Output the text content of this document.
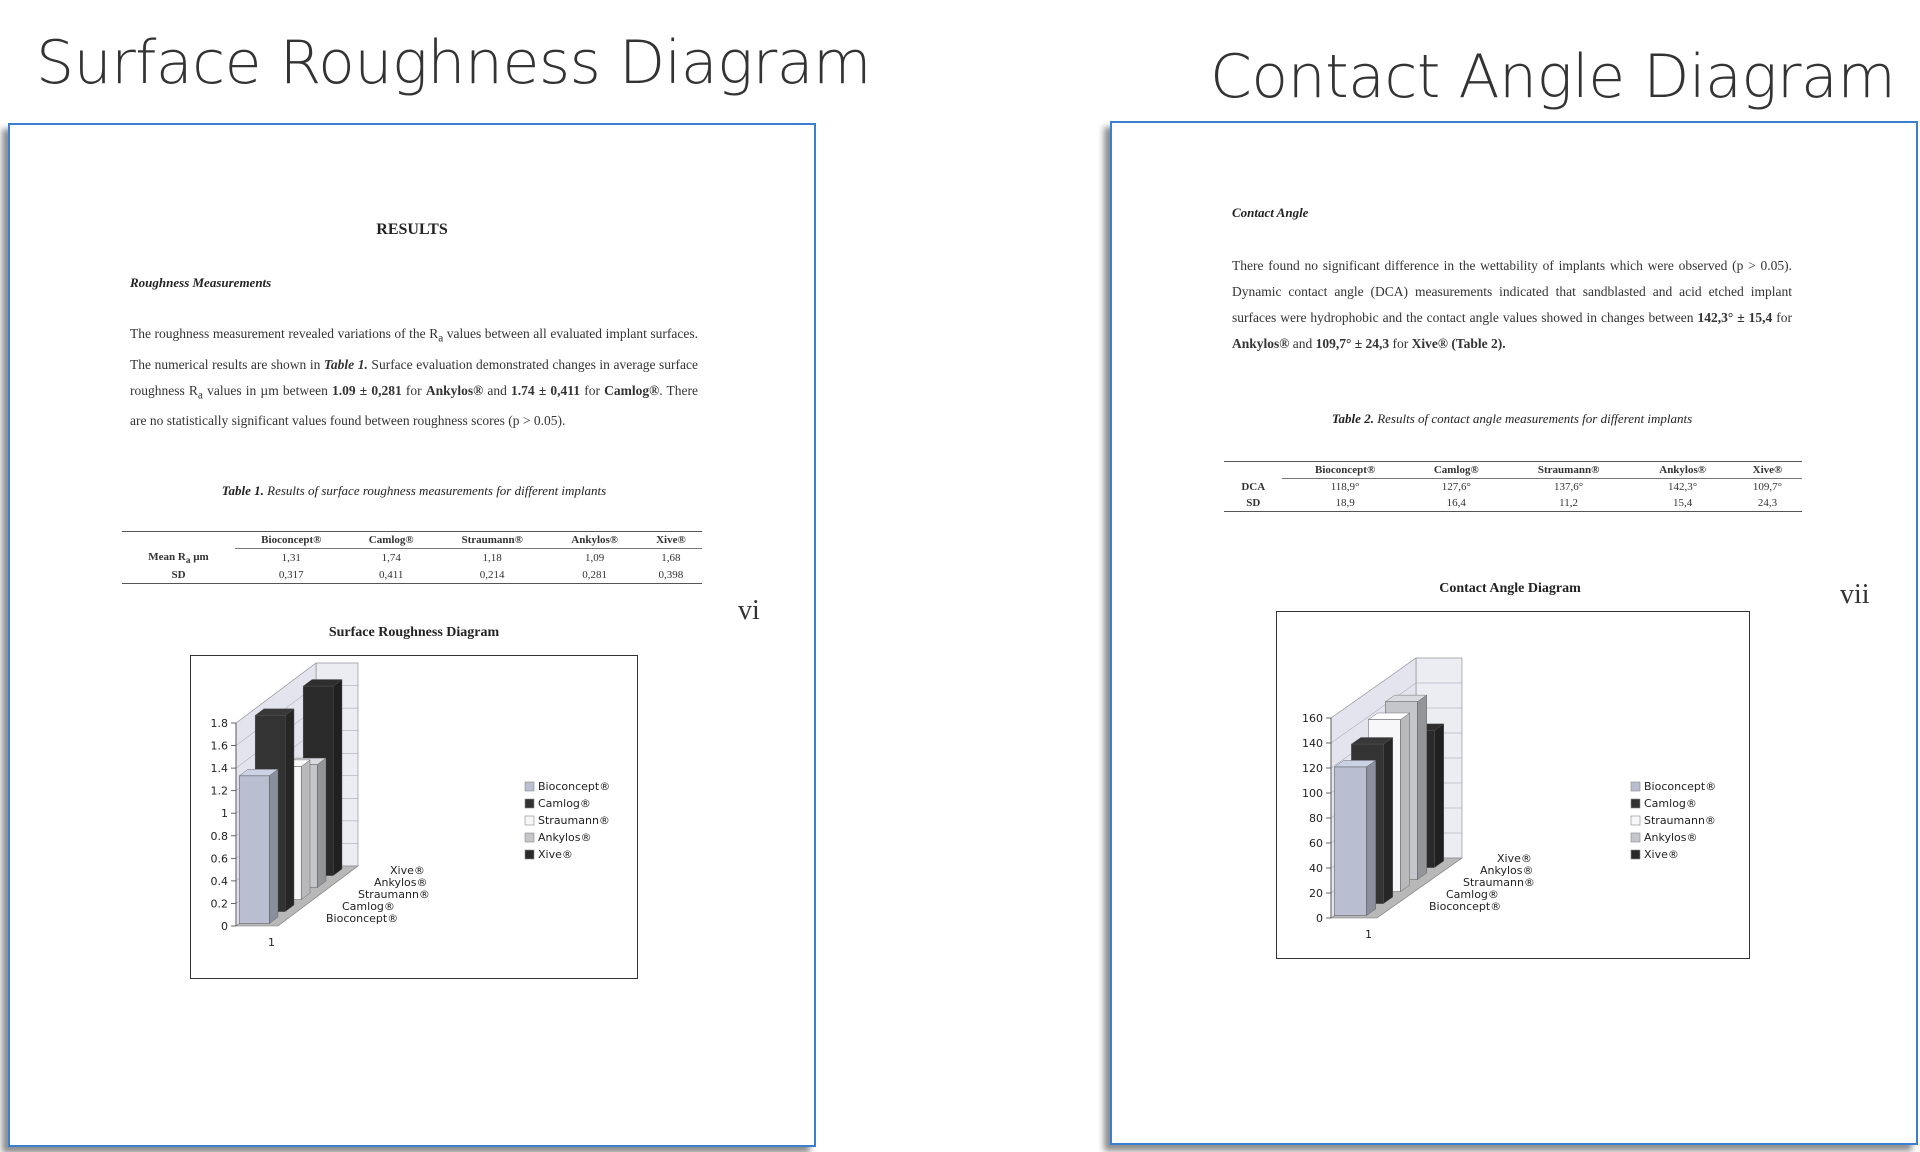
Surface Roughness Diagram	Contact Angle Diagram
RESULTS
Roughness Measurements
The roughness measurement revealed variations of the $R_a$ values between all evaluated implant surfaces. The numerical results are shown in Table 1. Surface evaluation demonstrated changes in average surface roughness $R_a$ values in µm between 1.09 ± 0,281 for Ankylos® and 1.74 ± 0,411 for Camlog®. There are no statistically significant values found between roughness scores (p > 0.05).
Table 1. Results of surface roughness measurements for different implants
	Bioconcept®	Camlog®	Straumann®	Ankylos®	Xive®
Mean $R_a$ µm	1,31	1,74	1,18	1,09	1,68
SD	0,317	0,411	0,214	0,281	0,398
vi
Surface Roughness Diagram
0
0.2
0.4
0.6
0.8
1
1.2
1.4
1.6
1.8
Xive®
Ankylos®
Straumann®
Camlog®
Bioconcept®
1
Bioconcept®
Camlog®
Straumann®
Ankylos®
Xive®
Contact Angle
There found no significant difference in the wettability of implants which were observed (p > 0.05). Dynamic contact angle (DCA) measurements indicated that sandblasted and acid etched implant surfaces were hydrophobic and the contact angle values showed in changes between 142,3° ± 15,4 for Ankylos® and 109,7° ± 24,3 for Xive® (Table 2).
Table 2. Results of contact angle measurements for different implants
	Bioconcept®	Camlog®	Straumann®	Ankylos®	Xive®
DCA	118,9°	127,6°	137,6°	142,3°	109,7°
SD	18,9	16,4	11,2	15,4	24,3
vii
Contact Angle Diagram
0
20
40
60
80
100
120
140
160
Xive®
Ankylos®
Straumann®
Camlog®
Bioconcept®
1
Bioconcept®
Camlog®
Straumann®
Ankylos®
Xive®
